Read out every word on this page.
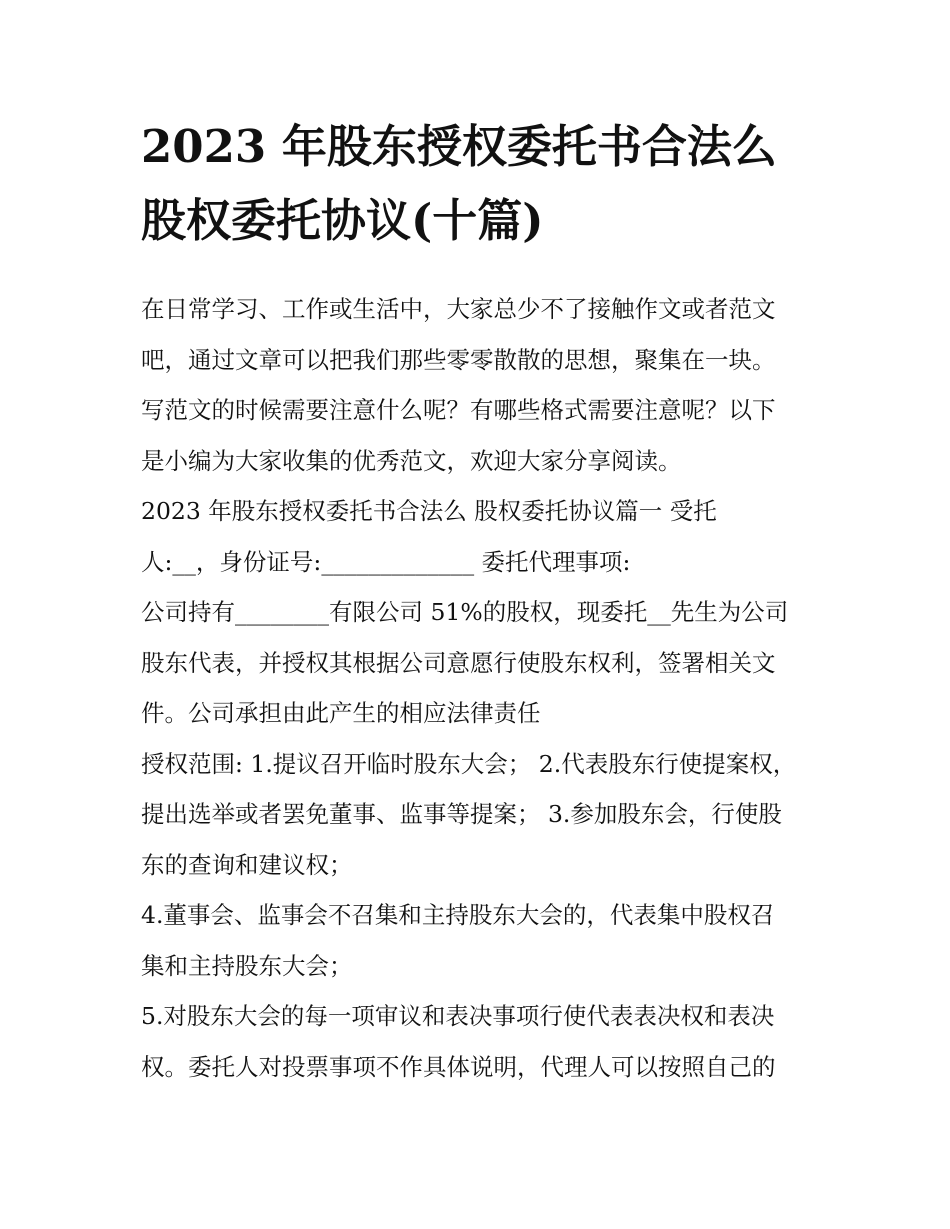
2023 年股东授权委托书合法么
股权委托协议(十篇)
在日常学习、工作或生活中，大家总少不了接触作文或者范文
吧，通过文章可以把我们那些零零散散的思想，聚集在一块。
写范文的时候需要注意什么呢？有哪些格式需要注意呢？以下
是小编为大家收集的优秀范文，欢迎大家分享阅读。
2023 年股东授权委托书合法么 股权委托协议篇一 受托
人:__，身份证号:_____________ 委托代理事项:
公司持有________有限公司 51%的股权，现委托__先生为公司
股东代表，并授权其根据公司意愿行使股东权利，签署相关文
件。公司承担由此产生的相应法律责任
授权范围: 1.提议召开临时股东大会； 2.代表股东行使提案权，
提出选举或者罢免董事、监事等提案； 3.参加股东会，行使股
东的查询和建议权；
4.董事会、监事会不召集和主持股东大会的，代表集中股权召
集和主持股东大会；
5.对股东大会的每一项审议和表决事项行使代表表决权和表决
权。委托人对投票事项不作具体说明，代理人可以按照自己的
